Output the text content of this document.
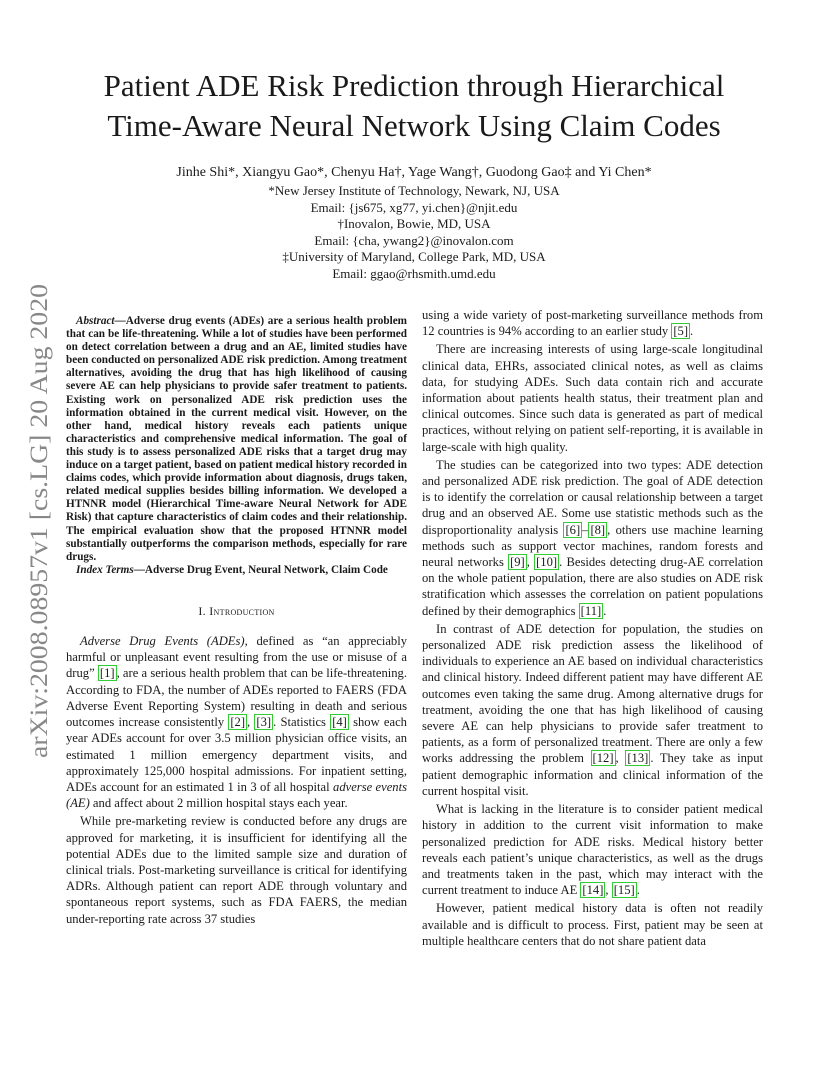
arXiv:2008.08957v1 [cs.LG] 20 Aug 2020
Patient ADE Risk Prediction through Hierarchical
Time-Aware Neural Network Using Claim Codes
Jinhe Shi*, Xiangyu Gao*, Chenyu Ha†, Yage Wang†, Guodong Gao‡ and Yi Chen*
*New Jersey Institute of Technology, Newark, NJ, USA
Email: {js675, xg77, yi.chen}@njit.edu
†Inovalon, Bowie, MD, USA
Email: {cha, ywang2}@inovalon.com
‡University of Maryland, College Park, MD, USA
Email: ggao@rhsmith.umd.edu

Abstract—Adverse drug events (ADEs) are a serious health problem that can be life-threatening. While a lot of studies have been performed on detect correlation between a drug and an AE, limited studies have been conducted on personalized ADE risk prediction. Among treatment alternatives, avoiding the drug that has high likelihood of causing severe AE can help physicians to provide safer treatment to patients. Existing work on personalized ADE risk prediction uses the information obtained in the current medical visit. However, on the other hand, medical history reveals each patients unique characteristics and comprehensive medical information. The goal of this study is to assess personalized ADE risks that a target drug may induce on a target patient, based on patient medical history recorded in claims codes, which provide information about diagnosis, drugs taken, related medical supplies besides billing information. We developed a HTNNR model (Hierarchical Time-aware Neural Network for ADE Risk) that capture characteristics of claim codes and their relationship. The empirical evaluation show that the proposed HTNNR model substantially outperforms the comparison methods, especially for rare drugs.

Index Terms—Adverse Drug Event, Neural Network, Claim Code

I. Introduction

Adverse Drug Events (ADEs), defined as “an appreciably harmful or unpleasant event resulting from the use or misuse of a drug” [1] , are a serious health problem that can be life-threatening. According to FDA, the number of ADEs reported to FAERS (FDA Adverse Event Reporting System) resulting in death and serious outcomes increase consistently [2] , [3] . Statistics [4] show each year ADEs account for over 3.5 million physician office visits, an estimated 1 million emergency department visits, and approximately 125,000 hospital admissions. For inpatient setting, ADEs account for an estimated 1 in 3 of all hospital adverse events (AE) and affect about 2 million hospital stays each year.

While pre-marketing review is conducted before any drugs are approved for marketing, it is insufficient for identifying all the potential ADEs due to the limited sample size and duration of clinical trials. Post-marketing surveillance is critical for identifying ADRs. Although patient can report ADE through voluntary and spontaneous report systems, such as FDA FAERS, the median under-reporting rate across 37 studies

using a wide variety of post-marketing surveillance methods from 12 countries is 94% according to an earlier study [5] .

There are increasing interests of using large-scale longitudinal clinical data, EHRs, associated clinical notes, as well as claims data, for studying ADEs. Such data contain rich and accurate information about patients health status, their treatment plan and clinical outcomes. Since such data is generated as part of medical practices, without relying on patient self-reporting, it is available in large-scale with high quality.

The studies can be categorized into two types: ADE detection and personalized ADE risk prediction. The goal of ADE detection is to identify the correlation or causal relationship between a target drug and an observed AE. Some use statistic methods such as the disproportionality analysis [6] – [8] , others use machine learning methods such as support vector machines, random forests and neural networks [9] , [10] . Besides detecting drug-AE correlation on the whole patient population, there are also studies on ADE risk stratification which assesses the correlation on patient populations defined by their demographics [11] .

In contrast of ADE detection for population, the studies on personalized ADE risk prediction assess the likelihood of individuals to experience an AE based on individual characteristics and clinical history. Indeed different patient may have different AE outcomes even taking the same drug. Among alternative drugs for treatment, avoiding the one that has high likelihood of causing severe AE can help physicians to provide safer treatment to patients, as a form of personalized treatment. There are only a few works addressing the problem [12] , [13] . They take as input patient demographic information and clinical information of the current hospital visit.

What is lacking in the literature is to consider patient medical history in addition to the current visit information to make personalized prediction for ADE risks. Medical history better reveals each patient’s unique characteristics, as well as the drugs and treatments taken in the past, which may interact with the current treatment to induce AE [14] , [15] .

However, patient medical history data is often not readily available and is difficult to process. First, patient may be seen at multiple healthcare centers that do not share patient data
